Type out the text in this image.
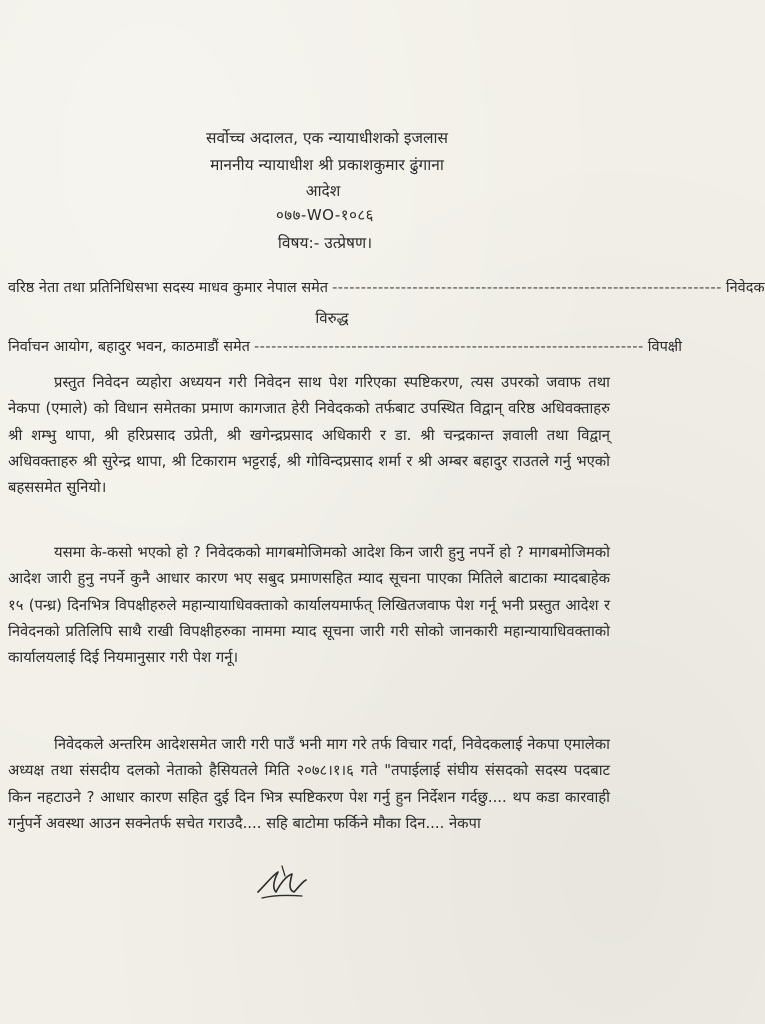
सर्वोच्च अदालत, एक न्यायाधीशको इजलास
माननीय न्यायाधीश श्री प्रकाशकुमार ढुंगाना
आदेश
०७७-WO-१०८६
विषय:- उत्प्रेषण।
वरिष्ठ नेता तथा प्रतिनिधिसभा सदस्य माधव कुमार नेपाल समेत -------------------------------------------------------------------- निवेदक
विरुद्ध
निर्वाचन आयोग, बहादुर भवन, काठमाडौं समेत -------------------------------------------------------------------- विपक्षी

प्रस्तुत निवेदन व्यहोरा अध्ययन गरी निवेदन साथ पेश गरिएका स्पष्टिकरण, त्यस उपरको जवाफ तथा नेकपा (एमाले) को विधान समेतका प्रमाण कागजात हेरी निवेदकको तर्फबाट उपस्थित विद्वान् वरिष्ठ अधिवक्ताहरु श्री शम्भु थापा, श्री हरिप्रसाद उप्रेती, श्री खगेन्द्रप्रसाद अधिकारी र डा. श्री चन्द्रकान्त ज्ञवाली तथा विद्वान् अधिवक्ताहरु श्री सुरेन्द्र थापा, श्री टिकाराम भट्टराई, श्री गोविन्दप्रसाद शर्मा र श्री अम्बर बहादुर राउतले गर्नु भएको बहससमेत सुनियो।

यसमा के-कसो भएको हो ? निवेदकको मागबमोजिमको आदेश किन जारी हुनु नपर्ने हो ? मागबमोजिमको आदेश जारी हुनु नपर्ने कुनै आधार कारण भए सबुद प्रमाणसहित म्याद सूचना पाएका मितिले बाटाका म्यादबाहेक १५ (पन्ध्र) दिनभित्र विपक्षीहरुले महान्यायाधिवक्ताको कार्यालयमार्फत् लिखितजवाफ पेश गर्नू भनी प्रस्तुत आदेश र निवेदनको प्रतिलिपि साथै राखी विपक्षीहरुका नाममा म्याद सूचना जारी गरी सोको जानकारी महान्यायाधिवक्ताको कार्यालयलाई दिई नियमानुसार गरी पेश गर्नू।

निवेदकले अन्तरिम आदेशसमेत जारी गरी पाउँ भनी माग गरे तर्फ विचार गर्दा, निवेदकलाई नेकपा एमालेका अध्यक्ष तथा संसदीय दलको नेताको हैसियतले मिति २०७८।१।६ गते "तपाईलाई संघीय संसदको सदस्य पदबाट किन नहटाउने ? आधार कारण सहित दुई दिन भित्र स्पष्टिकरण पेश गर्नु हुन निर्देशन गर्दछु.... थप कडा कारवाही गर्नुपर्ने अवस्था आउन सक्नेतर्फ सचेत गराउदै.... सहि बाटोमा फर्किने मौका दिन.... नेकपा
